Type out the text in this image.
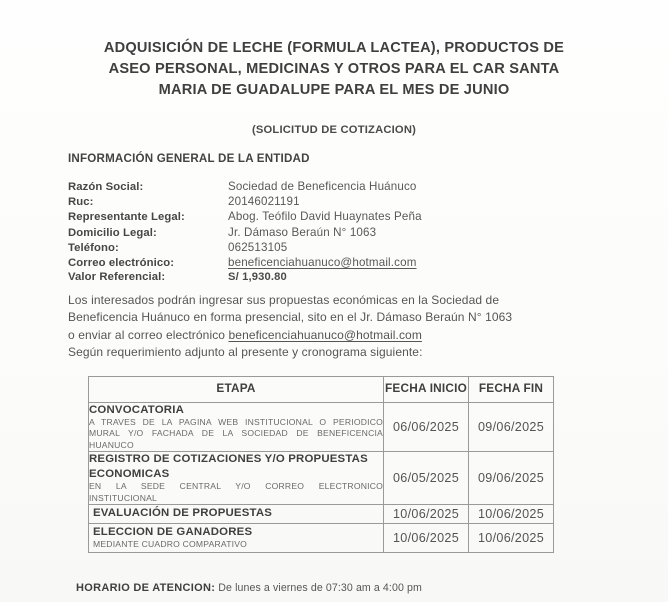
ADQUISICIÓN DE LECHE (FORMULA LACTEA), PRODUCTOS DE ASEO PERSONAL, MEDICINAS Y OTROS PARA EL CAR SANTA MARIA DE GUADALUPE PARA EL MES DE JUNIO
(SOLICITUD DE COTIZACION)
INFORMACIÓN GENERAL DE LA ENTIDAD
Razón Social:	Sociedad de Beneficencia Huánuco
Ruc:	20146021191
Representante Legal:	Abog. Teófilo David Huaynates Peña
Domicilio Legal:	Jr. Dámaso Beraún N° 1063
Teléfono:	062513105
Correo electrónico:	beneficenciahuanuco@hotmail.com
Valor Referencial:	S/ 1,930.80
Los interesados podrán ingresar sus propuestas económicas en la Sociedad de
Beneficencia Huánuco en forma presencial, sito en el Jr. Dámaso Beraún N° 1063
o enviar al correo electrónico beneficenciahuanuco@hotmail.com
Según requerimiento adjunto al presente y cronograma siguiente:
ETAPA	FECHA INICIO	FECHA FIN

CONVOCATORIA
A TRAVES DE LA PAGINA WEB INSTITUCIONAL O PERIODICO MURAL Y/O FACHADA DE LA SOCIEDAD DE BENEFICENCIA HUANUCO	06/06/2025	09/06/2025

REGISTRO DE COTIZACIONES Y/O PROPUESTAS ECONOMICAS
EN LA SEDE CENTRAL Y/O CORREO ELECTRONICO INSTITUCIONAL	06/05/2025	09/06/2025

EVALUACIÓN DE PROPUESTAS	10/06/2025	10/06/2025

ELECCION DE GANADORES
MEDIANTE CUADRO COMPARATIVO	10/06/2025	10/06/2025
HORARIO DE ATENCION: De lunes a viernes de 07:30 am a 4:00 pm
